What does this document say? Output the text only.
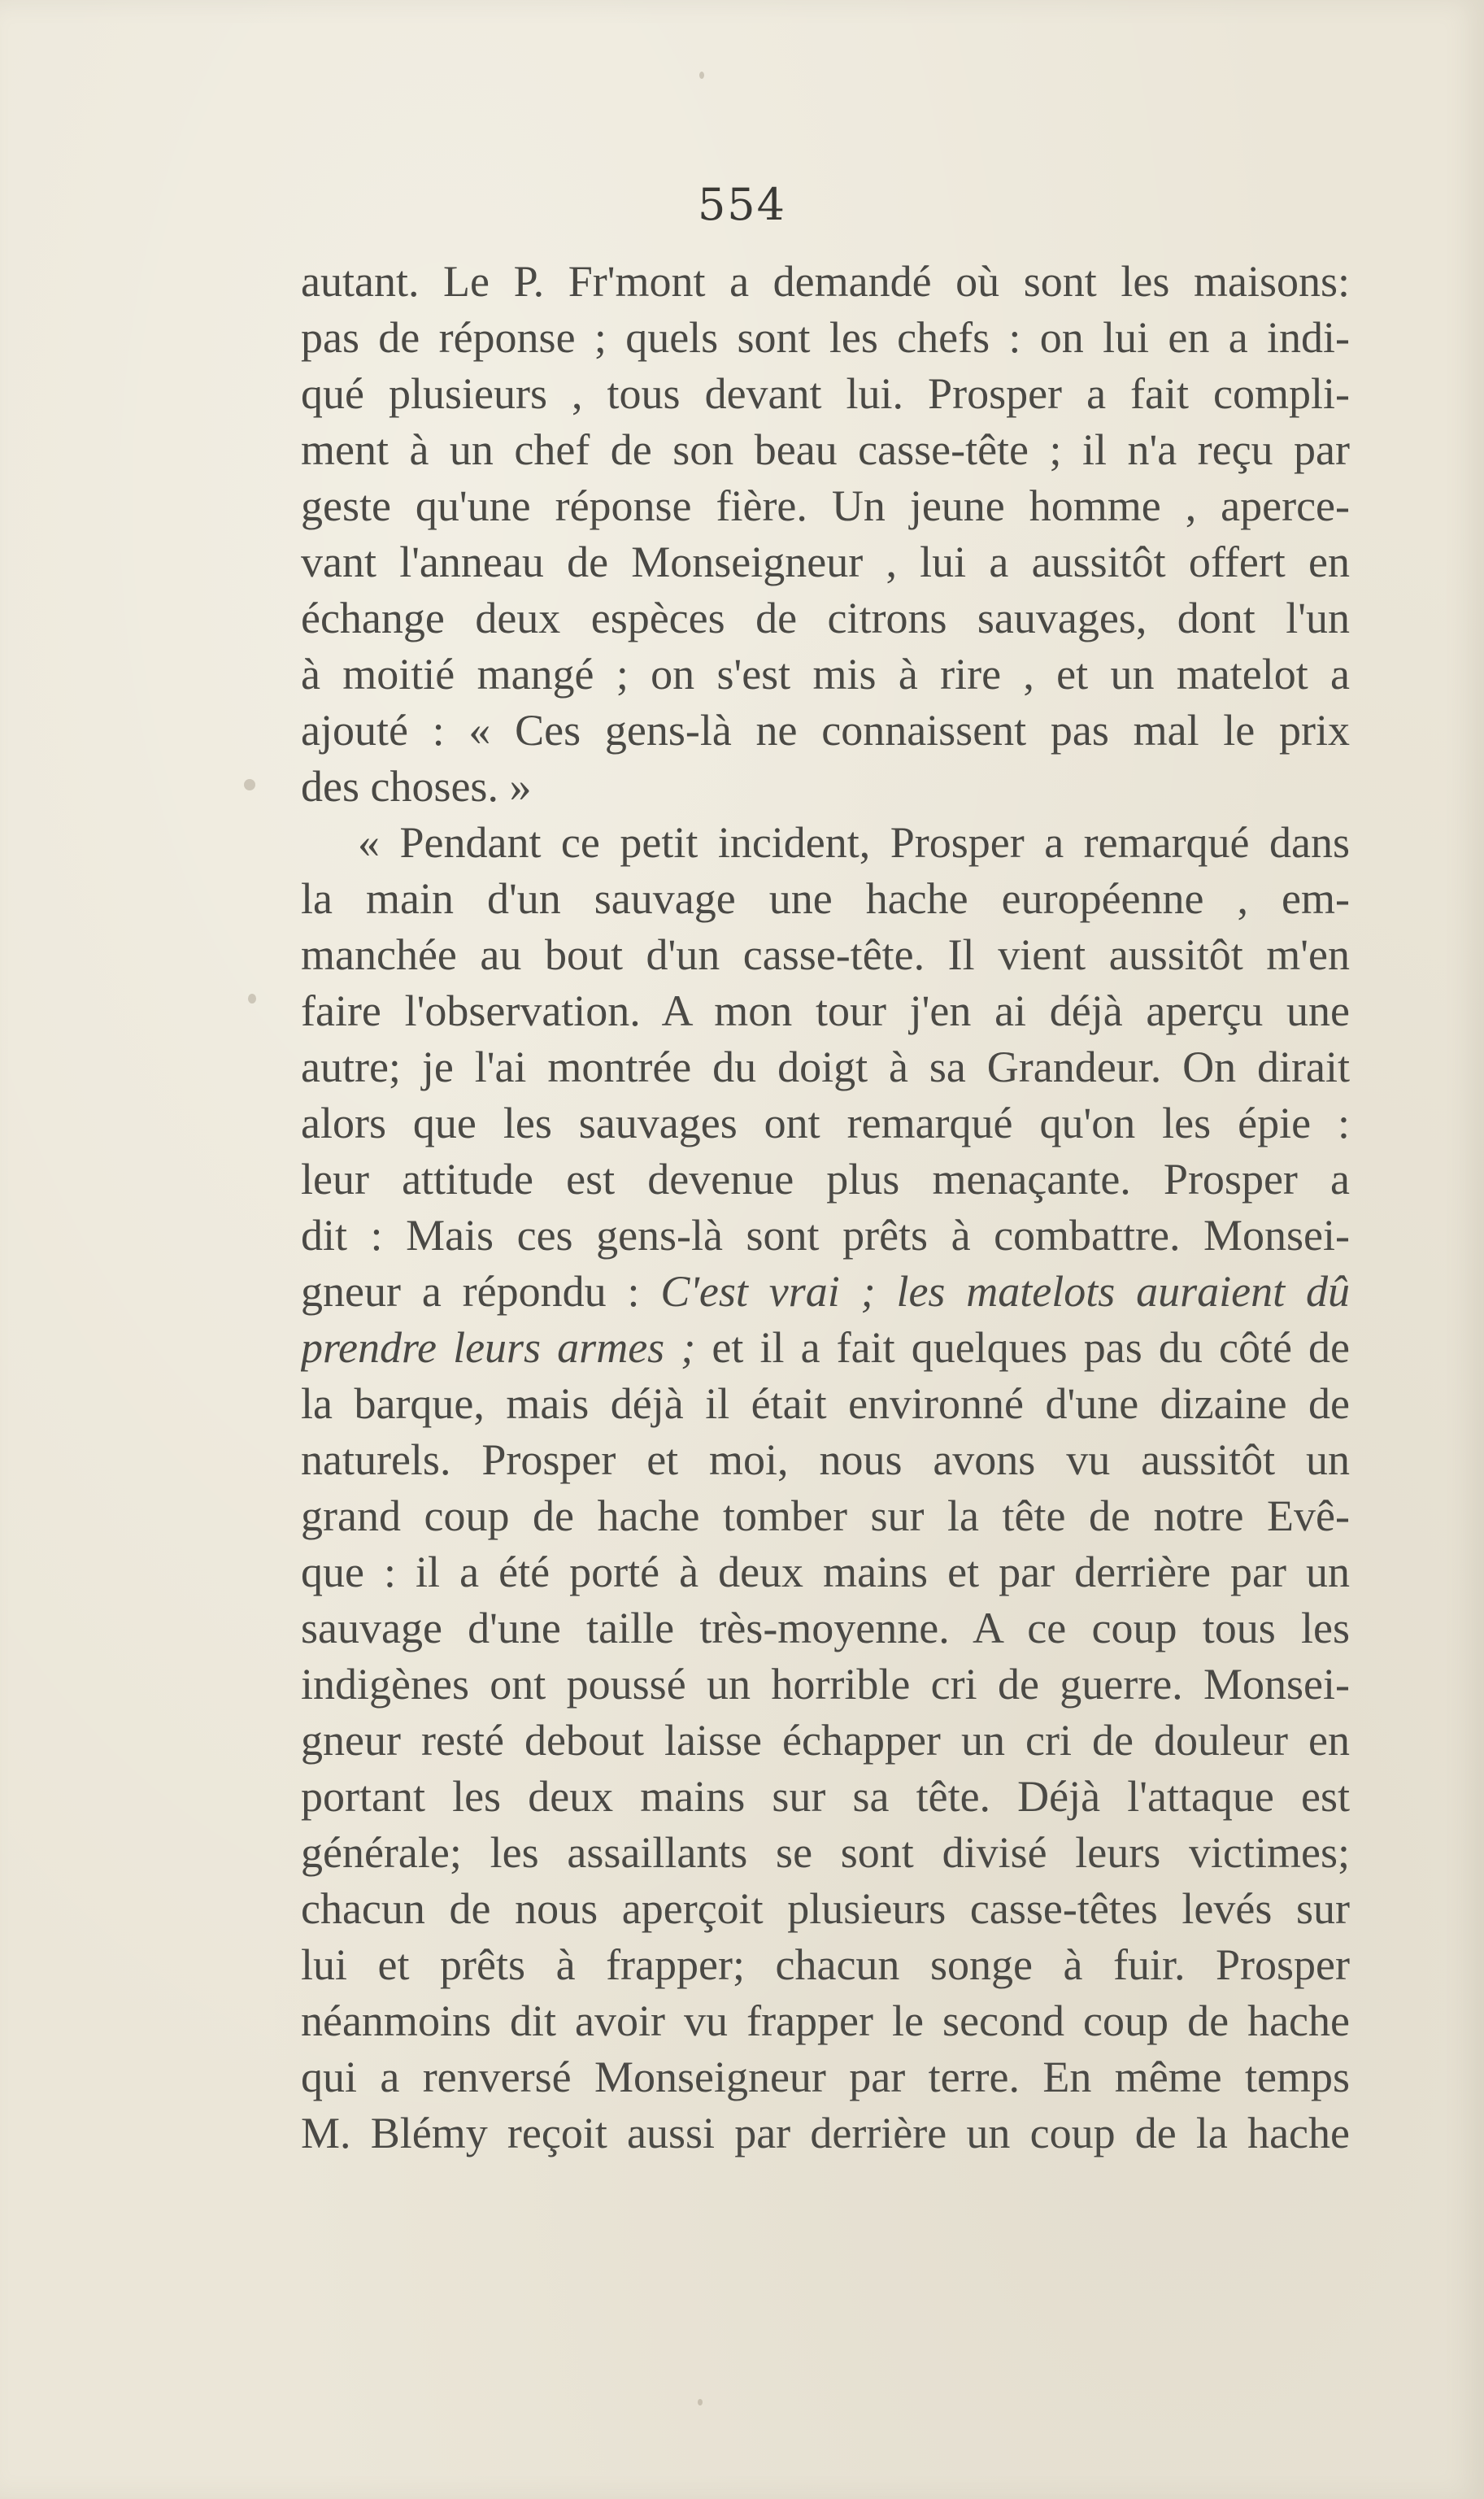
554
autant. Le P. Fr'mont a demandé où sont les maisons:
pas de réponse ; quels sont les chefs : on lui en a indi-
qué plusieurs , tous devant lui. Prosper a fait compli-
ment à un chef de son beau casse-tête ; il n'a reçu par
geste qu'une réponse fière. Un jeune homme , aperce-
vant l'anneau de Monseigneur , lui a aussitôt offert en
échange deux espèces de citrons sauvages, dont l'un
à moitié mangé ; on s'est mis à rire , et un matelot a
ajouté : « Ces gens-là ne connaissent pas mal le prix
des choses. »
« Pendant ce petit incident, Prosper a remarqué dans
la main d'un sauvage une hache européenne , em-
manchée au bout d'un casse-tête. Il vient aussitôt m'en
faire l'observation. A mon tour j'en ai déjà aperçu une
autre; je l'ai montrée du doigt à sa Grandeur. On dirait
alors que les sauvages ont remarqué qu'on les épie :
leur attitude est devenue plus menaçante. Prosper a
dit : Mais ces gens-là sont prêts à combattre. Monsei-
gneur a répondu : C'est vrai ; les matelots auraient dû
prendre leurs armes ; et il a fait quelques pas du côté de
la barque, mais déjà il était environné d'une dizaine de
naturels. Prosper et moi, nous avons vu aussitôt un
grand coup de hache tomber sur la tête de notre Evê-
que : il a été porté à deux mains et par derrière par un
sauvage d'une taille très-moyenne. A ce coup tous les
indigènes ont poussé un horrible cri de guerre. Monsei-
gneur resté debout laisse échapper un cri de douleur en
portant les deux mains sur sa tête. Déjà l'attaque est
générale; les assaillants se sont divisé leurs victimes;
chacun de nous aperçoit plusieurs casse-têtes levés sur
lui et prêts à frapper; chacun songe à fuir. Prosper
néanmoins dit avoir vu frapper le second coup de hache
qui a renversé Monseigneur par terre. En même temps
M. Blémy reçoit aussi par derrière un coup de la hache
